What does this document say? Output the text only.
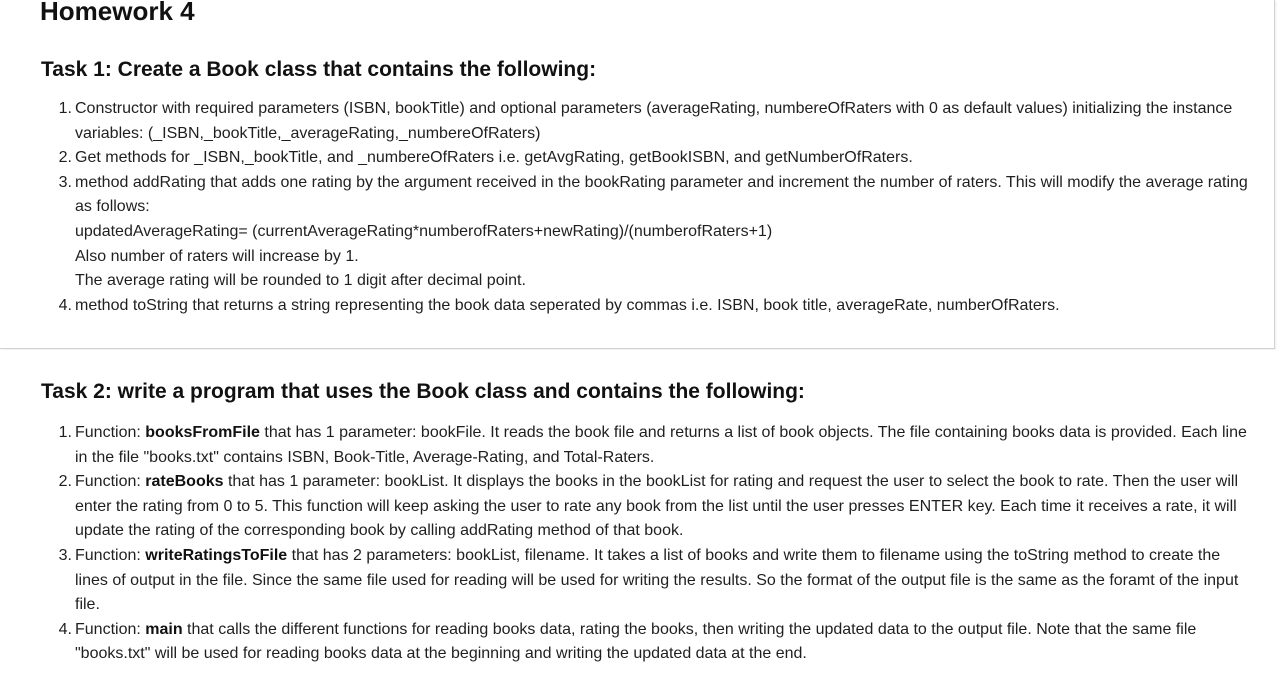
Homework 4
Task 1: Create a Book class that contains the following:
1. Constructor with required parameters (ISBN, bookTitle) and optional parameters (averageRating, numbereOfRaters with 0 as default values) initializing the instance variables: (_ISBN,_bookTitle,_averageRating,_numbereOfRaters)
2. Get methods for _ISBN,_bookTitle, and _numbereOfRaters i.e. getAvgRating, getBookISBN, and getNumberOfRaters.
3. method addRating that adds one rating by the argument received in the bookRating parameter and increment the number of raters. This will modify the average rating as follows:
updatedAverageRating= (currentAverageRating*numberofRaters+newRating)/(numberofRaters+1)
Also number of raters will increase by 1.
The average rating will be rounded to 1 digit after decimal point.
4. method toString that returns a string representing the book data seperated by commas i.e. ISBN, book title, averageRate, numberOfRaters.
Task 2: write a program that uses the Book class and contains the following:
1. Function: booksFromFile that has 1 parameter: bookFile. It reads the book file and returns a list of book objects. The file containing books data is provided. Each line in the file "books.txt" contains ISBN, Book-Title, Average-Rating, and Total-Raters.
2. Function: rateBooks that has 1 parameter: bookList. It displays the books in the bookList for rating and request the user to select the book to rate. Then the user will enter the rating from 0 to 5. This function will keep asking the user to rate any book from the list until the user presses ENTER key. Each time it receives a rate, it will update the rating of the corresponding book by calling addRating method of that book.
3. Function: writeRatingsToFile that has 2 parameters: bookList, filename. It takes a list of books and write them to filename using the toString method to create the lines of output in the file. Since the same file used for reading will be used for writing the results. So the format of the output file is the same as the foramt of the input file.
4. Function: main that calls the different functions for reading books data, rating the books, then writing the updated data to the output file. Note that the same file "books.txt" will be used for reading books data at the beginning and writing the updated data at the end.
